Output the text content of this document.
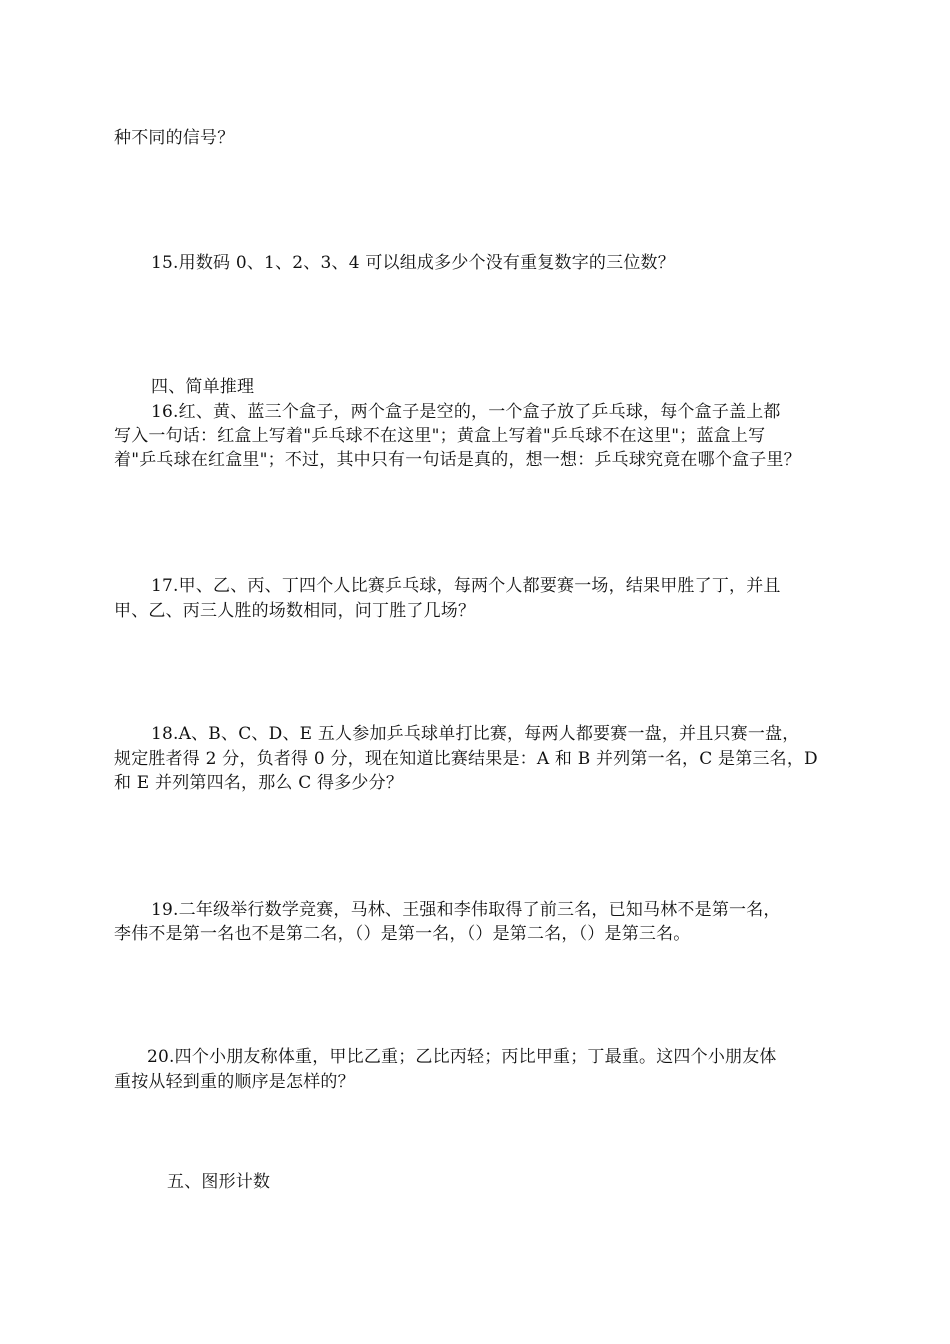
种不同的信号？
15.用数码 0、1、2、3、4 可以组成多少个没有重复数字的三位数？
四、简单推理
16.红、黄、蓝三个盒子，两个盒子是空的，一个盒子放了乒乓球，每个盒子盖上都
写入一句话：红盒上写着"乒乓球不在这里"；黄盒上写着"乒乓球不在这里"；蓝盒上写
着"乒乓球在红盒里"；不过，其中只有一句话是真的，想一想：乒乓球究竟在哪个盒子里？
17.甲、乙、丙、丁四个人比赛乒乓球，每两个人都要赛一场，结果甲胜了丁，并且
甲、乙、丙三人胜的场数相同，问丁胜了几场？
18.A、B、C、D、E 五人参加乒乓球单打比赛，每两人都要赛一盘，并且只赛一盘，
规定胜者得 2 分，负者得 0 分，现在知道比赛结果是：A 和 B 并列第一名，C 是第三名，D
和 E 并列第四名，那么 C 得多少分？
19.二年级举行数学竞赛，马林、王强和李伟取得了前三名，已知马林不是第一名，
李伟不是第一名也不是第二名，（）是第一名，（）是第二名，（）是第三名。
20.四个小朋友称体重，甲比乙重；乙比丙轻；丙比甲重；丁最重。这四个小朋友体
重按从轻到重的顺序是怎样的？
五、图形计数
